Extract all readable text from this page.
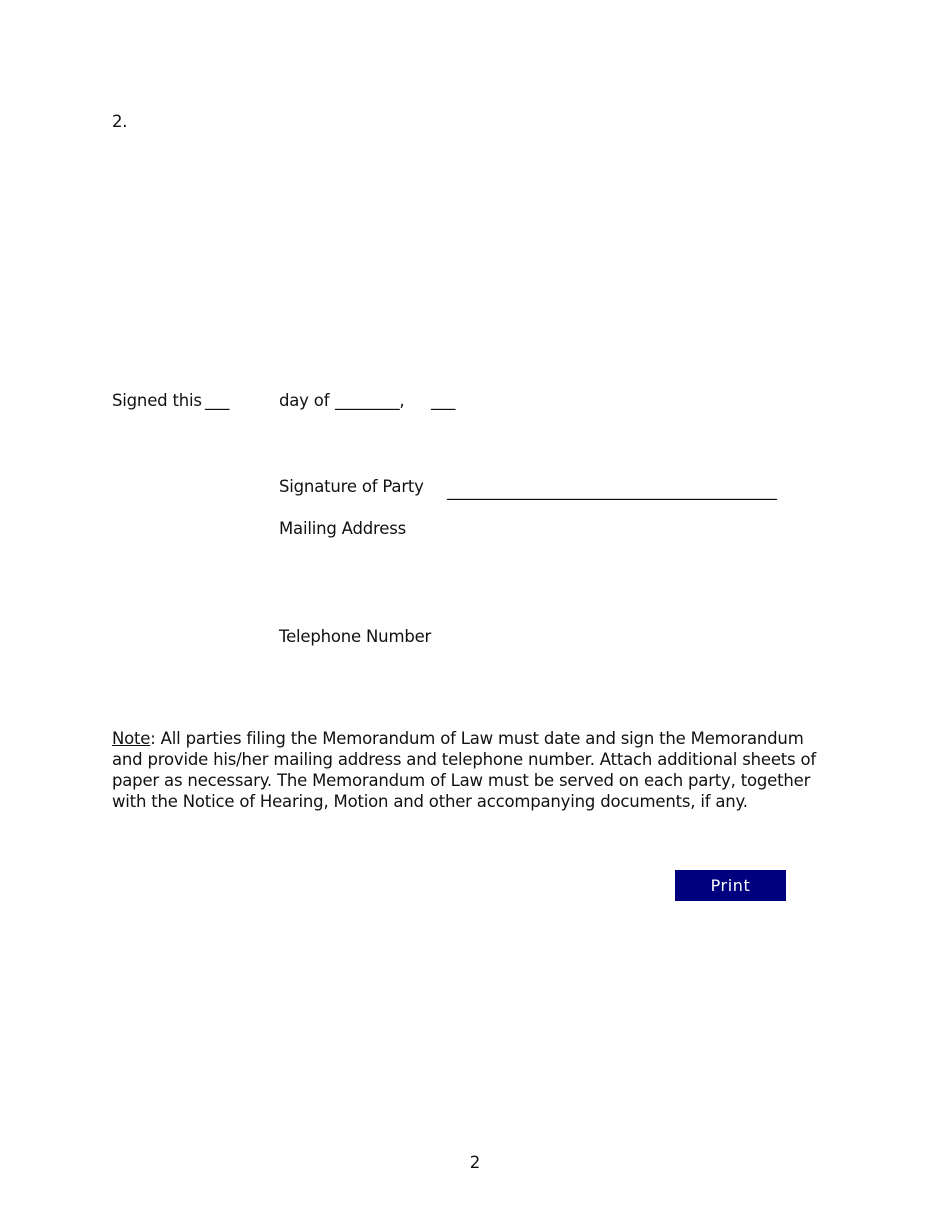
2.
Signed this ___	day of ________, ___
Signature of Party ________________________________________
Mailing Address
Telephone Number

Note: All parties filing the Memorandum of Law must date and sign the Memorandum and provide his/her mailing address and telephone number. Attach additional sheets of paper as necessary. The Memorandum of Law must be served on each party, together with the Notice of Hearing, Motion and other accompanying documents, if any.

Print
2
